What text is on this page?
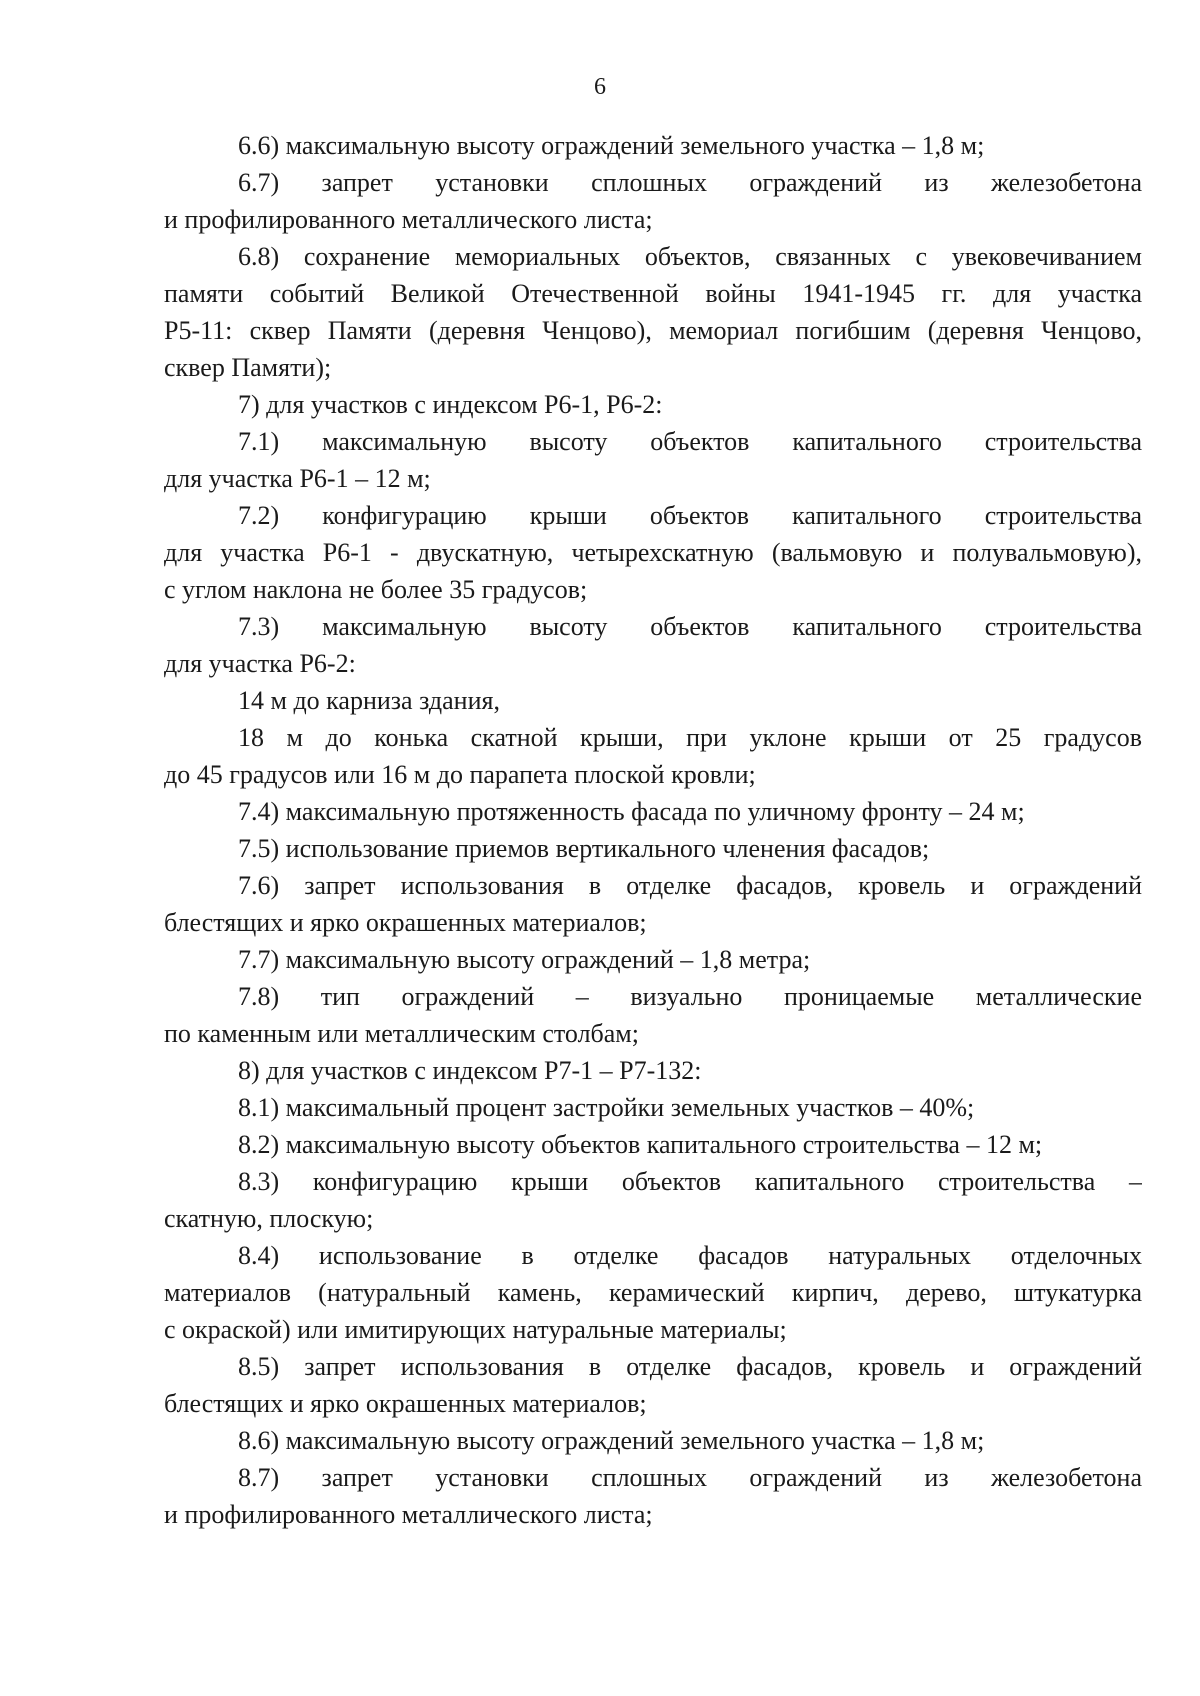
6
6.6) максимальную высоту ограждений земельного участка – 1,8 м;
6.7) запрет установки сплошных ограждений из железобетона
и профилированного металлического листа;
6.8) сохранение мемориальных объектов, связанных с увековечиванием
памяти событий Великой Отечественной войны 1941-1945 гг. для участка
Р5-11: сквер Памяти (деревня Ченцово), мемориал погибшим (деревня Ченцово,
сквер Памяти);
7) для участков с индексом Р6-1, Р6-2:
7.1) максимальную высоту объектов капитального строительства
для участка Р6-1 – 12 м;
7.2) конфигурацию крыши объектов капитального строительства
для участка Р6-1 - двускатную, четырехскатную (вальмовую и полувальмовую),
с углом наклона не более 35 градусов;
7.3) максимальную высоту объектов капитального строительства
для участка Р6-2:
14 м до карниза здания,
18 м до конька скатной крыши, при уклоне крыши от 25 градусов
до 45 градусов или 16 м до парапета плоской кровли;
7.4) максимальную протяженность фасада по уличному фронту – 24 м;
7.5) использование приемов вертикального членения фасадов;
7.6) запрет использования в отделке фасадов, кровель и ограждений
блестящих и ярко окрашенных материалов;
7.7) максимальную высоту ограждений – 1,8 метра;
7.8) тип ограждений – визуально проницаемые металлические
по каменным или металлическим столбам;
8) для участков с индексом Р7-1 – Р7-132:
8.1) максимальный процент застройки земельных участков – 40%;
8.2) максимальную высоту объектов капитального строительства – 12 м;
8.3) конфигурацию крыши объектов капитального строительства –
скатную, плоскую;
8.4) использование в отделке фасадов натуральных отделочных
материалов (натуральный камень, керамический кирпич, дерево, штукатурка
с окраской) или имитирующих натуральные материалы;
8.5) запрет использования в отделке фасадов, кровель и ограждений
блестящих и ярко окрашенных материалов;
8.6) максимальную высоту ограждений земельного участка – 1,8 м;
8.7) запрет установки сплошных ограждений из железобетона
и профилированного металлического листа;
